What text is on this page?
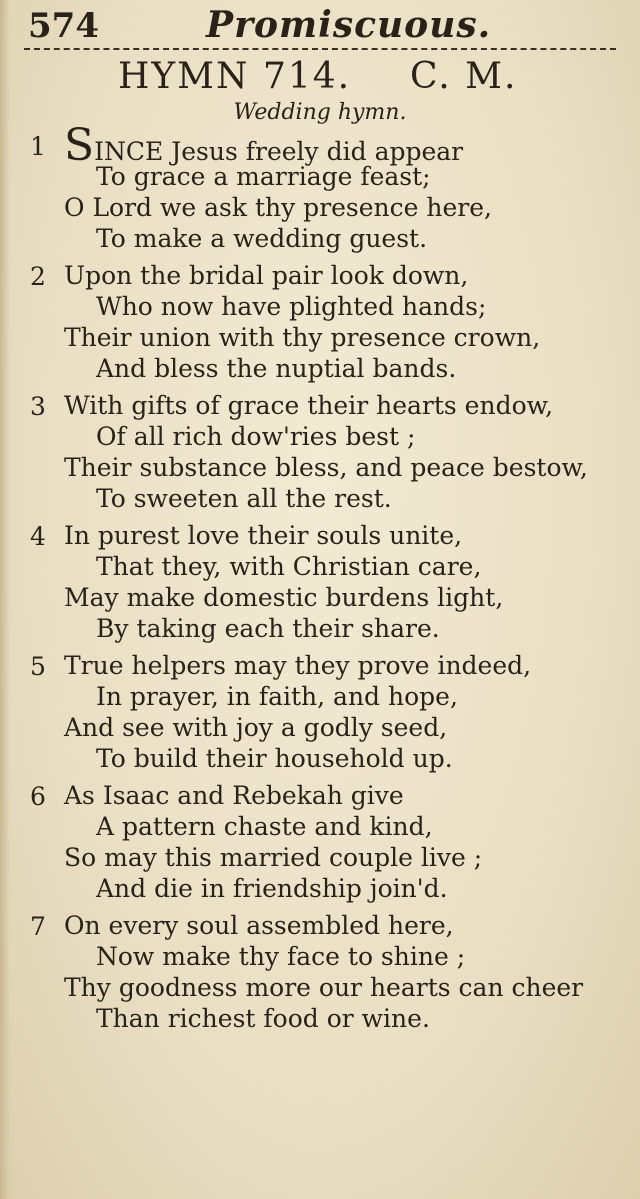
574	Promiscuous.
HYMN 714. C. M.
Wedding hymn.
1 SINCE Jesus freely did appear
To grace a marriage feast;
O Lord we ask thy presence here,
To make a wedding guest.
2 Upon the bridal pair look down,
Who now have plighted hands;
Their union with thy presence crown,
And bless the nuptial bands.
3 With gifts of grace their hearts endow,
Of all rich dow'ries best ;
Their substance bless, and peace bestow,
To sweeten all the rest.
4 In purest love their souls unite,
That they, with Christian care,
May make domestic burdens light,
By taking each their share.
5 True helpers may they prove indeed,
In prayer, in faith, and hope,
And see with joy a godly seed,
To build their household up.
6 As Isaac and Rebekah give
A pattern chaste and kind,
So may this married couple live ;
And die in friendship join'd.
7 On every soul assembled here,
Now make thy face to shine ;
Thy goodness more our hearts can cheer
Than richest food or wine.
